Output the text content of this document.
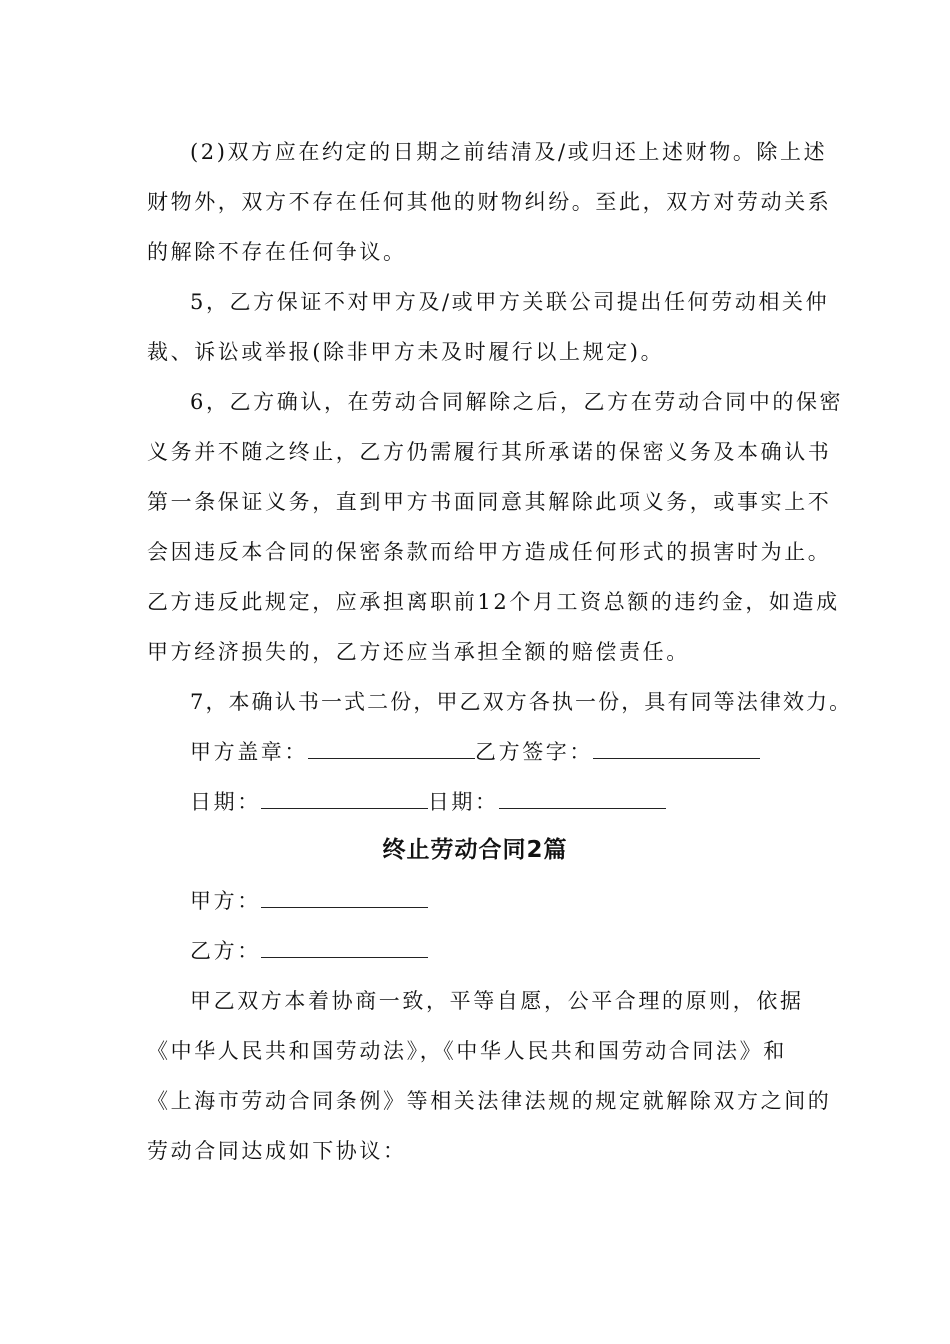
(2)双方应在约定的日期之前结清及/或归还上述财物。除上述
财物外，双方不存在任何其他的财物纠纷。至此，双方对劳动关系
的解除不存在任何争议。
5，乙方保证不对甲方及/或甲方关联公司提出任何劳动相关仲
裁、诉讼或举报(除非甲方未及时履行以上规定)。
6，乙方确认，在劳动合同解除之后，乙方在劳动合同中的保密
义务并不随之终止，乙方仍需履行其所承诺的保密义务及本确认书
第一条保证义务，直到甲方书面同意其解除此项义务，或事实上不
会因违反本合同的保密条款而给甲方造成任何形式的损害时为止。
乙方违反此规定，应承担离职前12个月工资总额的违约金，如造成
甲方经济损失的，乙方还应当承担全额的赔偿责任。
7，本确认书一式二份，甲乙双方各执一份，具有同等法律效力。
甲方盖章：	乙方签字：
日期：	日期：
终止劳动合同2篇
甲方：
乙方：
甲乙双方本着协商一致，平等自愿，公平合理的原则，依据
《中华人民共和国劳动法》，《中华人民共和国劳动合同法》和
《上海市劳动合同条例》等相关法律法规的规定就解除双方之间的
劳动合同达成如下协议：
